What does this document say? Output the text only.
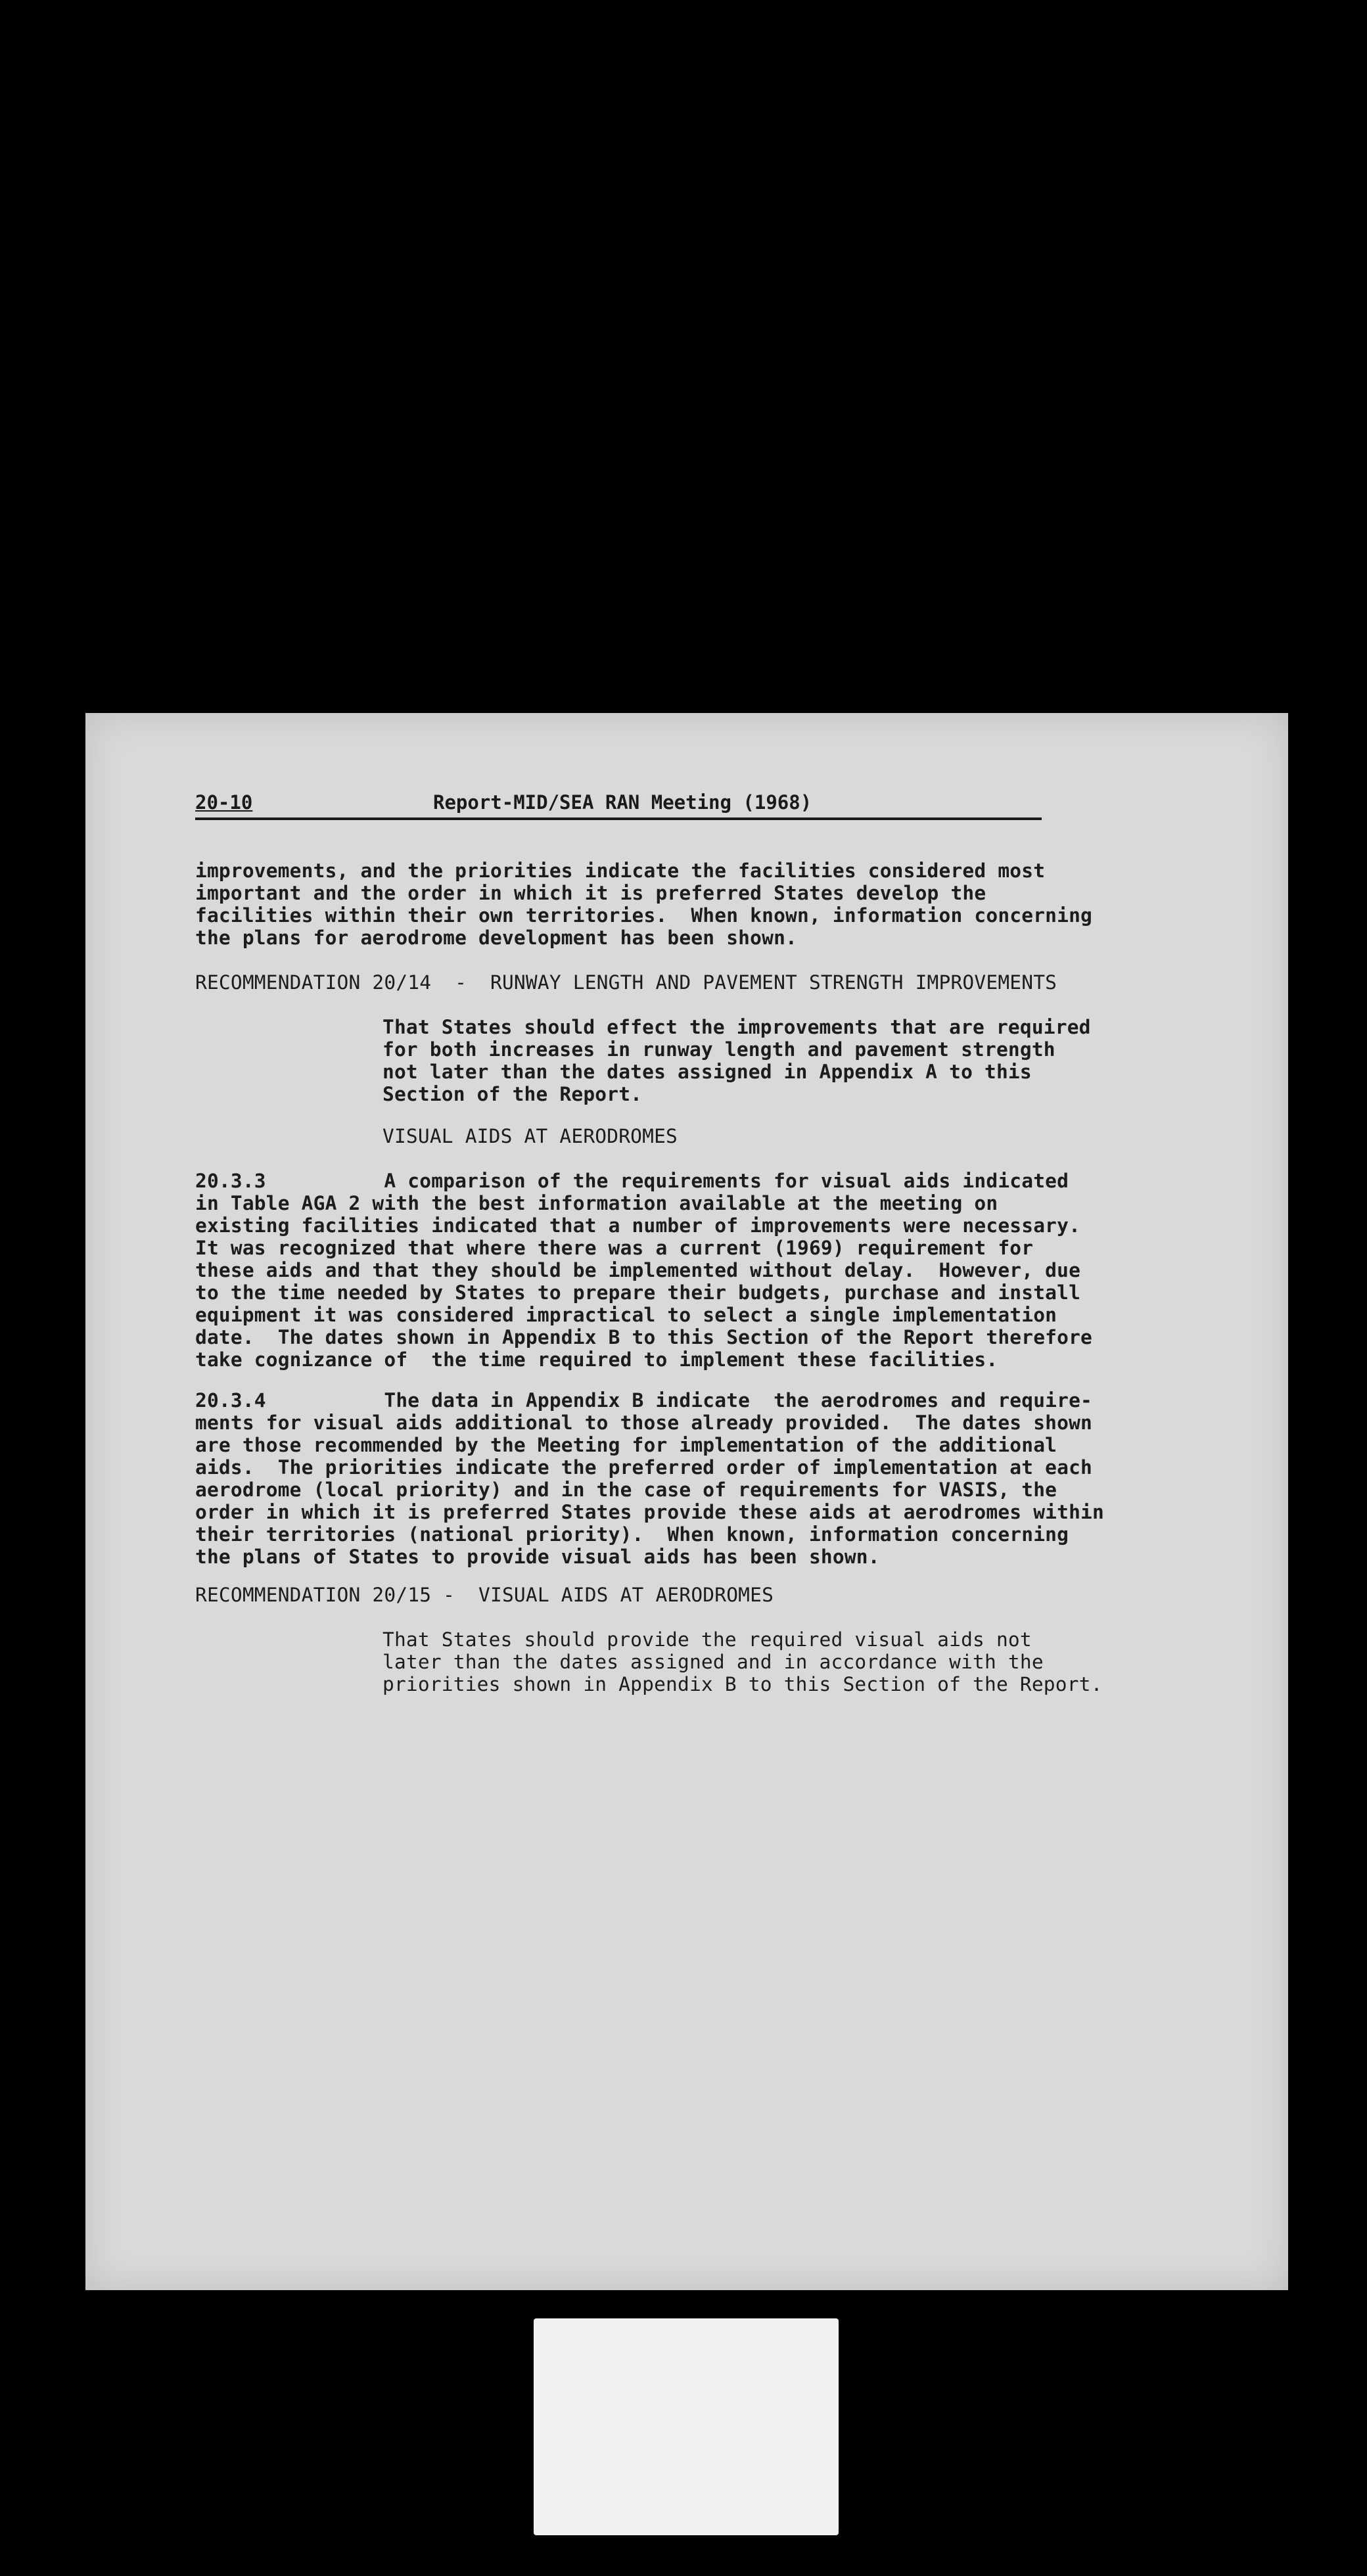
20-10	Report-MID/SEA RAN Meeting (1968)
improvements, and the priorities indicate the facilities considered most
important and the order in which it is preferred States develop the
facilities within their own territories.  When known, information concerning
the plans for aerodrome development has been shown.
RECOMMENDATION 20/14  -  RUNWAY LENGTH AND PAVEMENT STRENGTH IMPROVEMENTS
That States should effect the improvements that are required
for both increases in runway length and pavement strength
not later than the dates assigned in Appendix A to this
Section of the Report.
VISUAL AIDS AT AERODROMES
20.3.3          A comparison of the requirements for visual aids indicated
in Table AGA 2 with the best information available at the meeting on
existing facilities indicated that a number of improvements were necessary.
It was recognized that where there was a current (1969) requirement for
these aids and that they should be implemented without delay.  However, due
to the time needed by States to prepare their budgets, purchase and install
equipment it was considered impractical to select a single implementation
date.  The dates shown in Appendix B to this Section of the Report therefore
take cognizance of  the time required to implement these facilities.
20.3.4          The data in Appendix B indicate  the aerodromes and require-
ments for visual aids additional to those already provided.  The dates shown
are those recommended by the Meeting for implementation of the additional
aids.  The priorities indicate the preferred order of implementation at each
aerodrome (local priority) and in the case of requirements for VASIS, the
order in which it is preferred States provide these aids at aerodromes within
their territories (national priority).  When known, information concerning
the plans of States to provide visual aids has been shown.
RECOMMENDATION 20/15 -  VISUAL AIDS AT AERODROMES
That States should provide the required visual aids not
later than the dates assigned and in accordance with the
priorities shown in Appendix B to this Section of the Report.
